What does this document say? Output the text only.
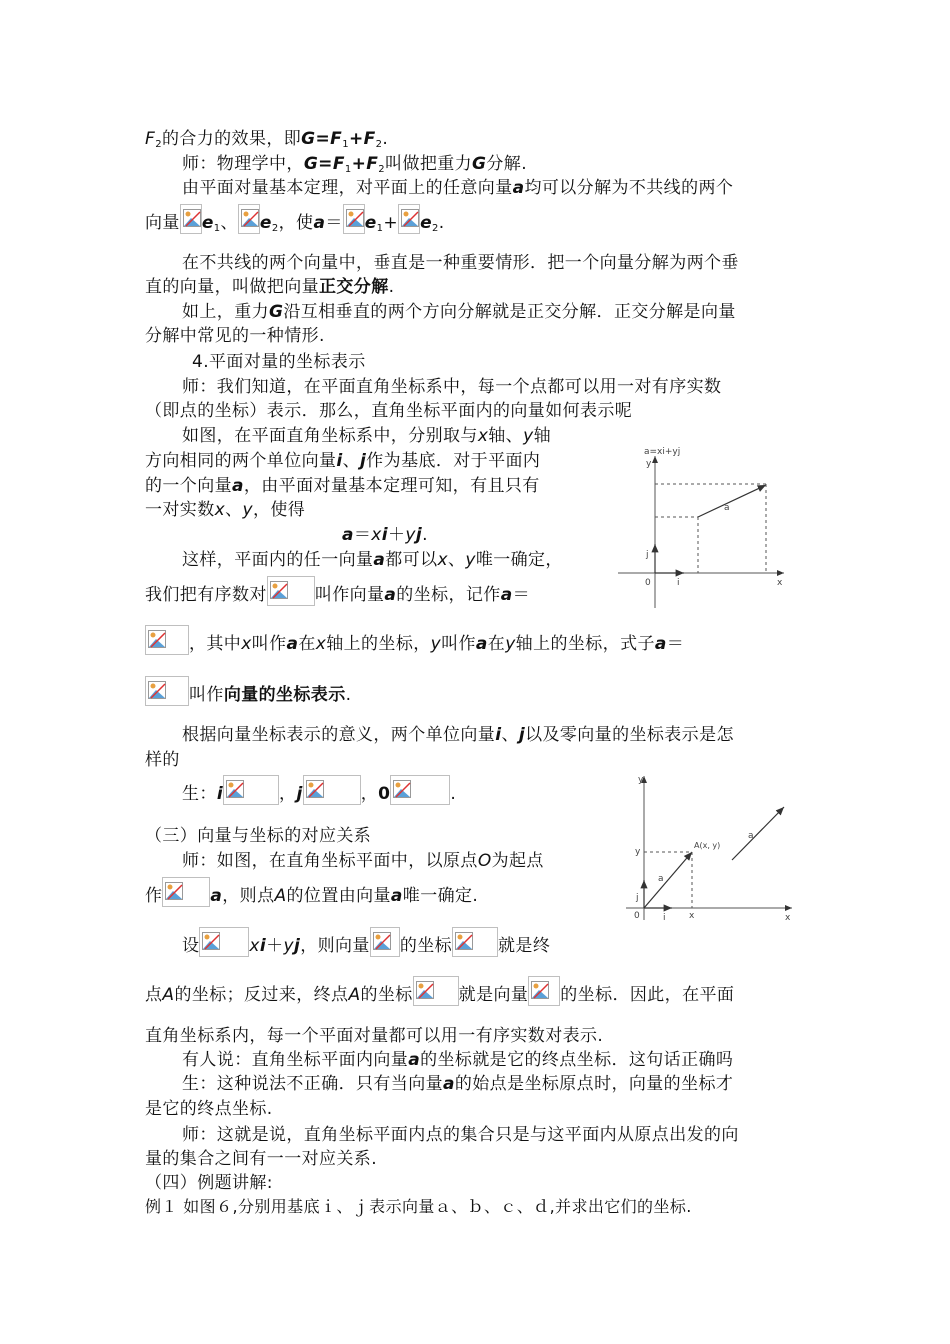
$F_2$的合力的效果，即$G=F_1+F_2$.
师：物理学中，$G=F_1+F_2$叫做把重力G分解.
由平面对量基本定理，对平面上的任意向量a均可以分解为不共线的两个
向量 $e_1$、 $e_2$，使$a= e_1+ e_2$.
在不共线的两个向量中，垂直是一种重要情形．把一个向量分解为两个垂
直的向量，叫做把向量正交分解.
如上，重力G沿互相垂直的两个方向分解就是正交分解．正交分解是向量
分解中常见的一种情形.
4.平面对量的坐标表示
师：我们知道，在平面直角坐标系中，每一个点都可以用一对有序实数
（即点的坐标）表示．那么，直角坐标平面内的向量如何表示呢
如图，在平面直角坐标系中，分别取与x轴、y轴
方向相同的两个单位向量i、j作为基底．对于平面内
的一个向量a，由平面对量基本定理可知，有且只有
一对实数x、y，使得
a＝xi＋yj.
这样，平面内的任一向量a都可以x、y唯一确定，
我们把有序数对	叫作向量a的坐标，记作a＝
a=xi+yj
y
x
0	i
j
a
，其中x叫作a在x轴上的坐标，y叫作a在y轴上的坐标，式子a＝
叫作向量的坐标表示.
根据向量坐标表示的意义，两个单位向量i、j以及零向量的坐标表示是怎
样的
生：i	，j	，0	.
y
x
0	i
j
x
y
a
A(x, y)
a
（三）向量与坐标的对应关系
师：如图，在直角坐标平面中，以原点O为起点
作	a，则点A的位置由向量a唯一确定.
设	xi＋yj，则向量 的坐标	就是终
点A的坐标；反过来，终点A的坐标	就是向量 的坐标．因此，在平面
直角坐标系内，每一个平面对量都可以用一有序实数对表示.
有人说：直角坐标平面内向量a的坐标就是它的终点坐标．这句话正确吗
生：这种说法不正确．只有当向量a的始点是坐标原点时，向量的坐标才
是它的终点坐标.
师：这就是说，直角坐标平面内点的集合只是与这平面内从原点出发的向
量的集合之间有一一对应关系.
（四）例题讲解:
例１ 如图６,分别用基底ｉ、ｊ表示向量ａ、ｂ、ｃ、ｄ,并求出它们的坐标.
